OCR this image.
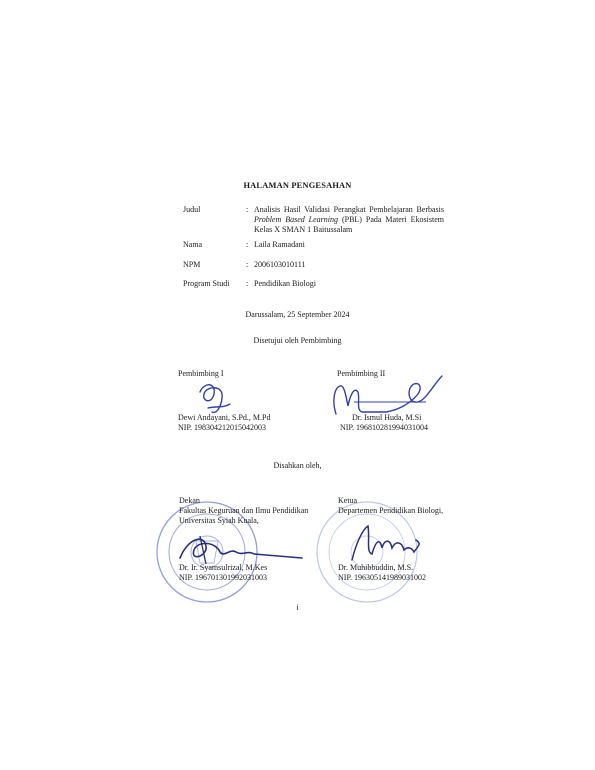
HALAMAN PENGESAHAN
Judul	: Analisis Hasil Validasi Perangkat Pembelajaran Berbasis
Problem Based Learning (PBL) Pada Materi Ekosistem
Kelas X SMAN 1 Baitussalam
Nama	: Laila Ramadani
NPM	: 2006103010111
Program Studi : Pendidikan Biologi
Darussalam, 25 September 2024
Disetujui oleh Pembimbing
Pembimbing I
Dewi Andayani, S.Pd., M.Pd
NIP. 198304212015042003
Pembimbing II
Dr. Ismul Huda, M.Si
NIP. 196810281994031004
Disahkan oleh,
Dekan
Fakultas Keguruan dan Ilmu Pendidikan
Universitas Syiah Kuala,
Dr. Ir. Syamsulrizal, M.Kes
NIP. 196701301992031003
Ketua
Departemen Pendidikan Biologi,
Dr. Muhibbuddin, M.S.
NIP. 196305141989031002
i
